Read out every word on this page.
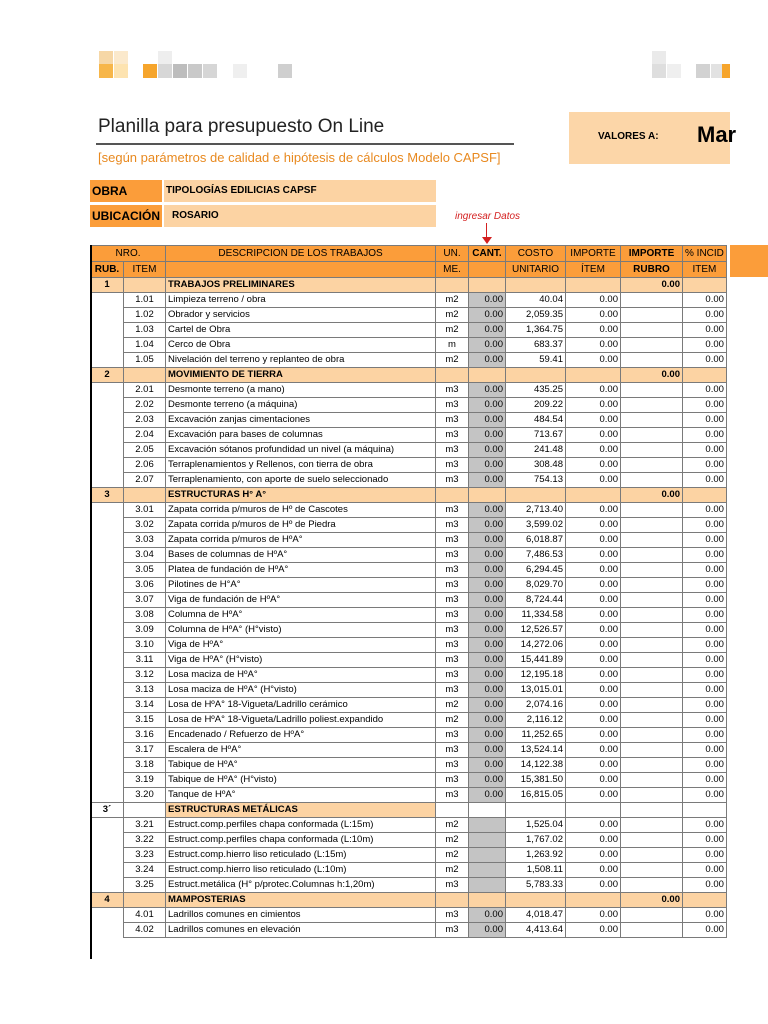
Planilla para presupuesto On Line
[según parámetros de calidad e hipótesis de cálculos Modelo CAPSF]
VALORES A: Mar
OBRA	TIPOLOGÍAS EDILICIAS CAPSF
UBICACIÓN	ROSARIO	ingresar Datos
NRO.		DESCRIPCION DE LOS TRABAJOS	UN.	CANT.	COSTO	IMPORTE	IMPORTE	% INCID
RUB.	ITEM		ME.		UNITARIO	ÍTEM	RUBRO	ITEM
1		TRABAJOS PRELIMINARES					0.00	
	1.01	Limpieza terreno / obra	m2	0.00	40.04	0.00		0.00
	1.02	Obrador y servicios	m2	0.00	2,059.35	0.00		0.00
	1.03	Cartel de Obra	m2	0.00	1,364.75	0.00		0.00
	1.04	Cerco de Obra	m	0.00	683.37	0.00		0.00
	1.05	Nivelación del terreno y replanteo de obra	m2	0.00	59.41	0.00		0.00
2		MOVIMIENTO DE TIERRA					0.00	
	2.01	Desmonte terreno (a mano)	m3	0.00	435.25	0.00		0.00
	2.02	Desmonte terreno (a máquina)	m3	0.00	209.22	0.00		0.00
	2.03	Excavación zanjas cimentaciones	m3	0.00	484.54	0.00		0.00
	2.04	Excavación para bases de columnas	m3	0.00	713.67	0.00		0.00
	2.05	Excavación sótanos profundidad un nivel (a máquina)	m3	0.00	241.48	0.00		0.00
	2.06	Terraplenamientos y Rellenos, con tierra de obra	m3	0.00	308.48	0.00		0.00
	2.07	Terraplenamiento, con aporte de suelo seleccionado	m3	0.00	754.13	0.00		0.00
3		ESTRUCTURAS H° A°					0.00	
	3.01	Zapata corrida p/muros de Hº de Cascotes	m3	0.00	2,713.40	0.00		0.00
	3.02	Zapata corrida p/muros de Hº de Piedra	m3	0.00	3,599.02	0.00		0.00
	3.03	Zapata corrida p/muros de HºA°	m3	0.00	6,018.87	0.00		0.00
	3.04	Bases de columnas de HºA°	m3	0.00	7,486.53	0.00		0.00
	3.05	Platea de fundación de HºA°	m3	0.00	6,294.45	0.00		0.00
	3.06	Pilotines de H°A°	m3	0.00	8,029.70	0.00		0.00
	3.07	Viga de fundación de HºA°	m3	0.00	8,724.44	0.00		0.00
	3.08	Columna de HºA°	m3	0.00	11,334.58	0.00		0.00
	3.09	Columna de HºA° (H°visto)	m3	0.00	12,526.57	0.00		0.00
	3.10	Viga de HºA°	m3	0.00	14,272.06	0.00		0.00
	3.11	Viga de HºA° (H°visto)	m3	0.00	15,441.89	0.00		0.00
	3.12	Losa maciza de HºA°	m3	0.00	12,195.18	0.00		0.00
	3.13	Losa maciza de HºA° (H°visto)	m3	0.00	13,015.01	0.00		0.00
	3.14	Losa de HºA° 18-Vigueta/Ladrillo cerámico	m2	0.00	2,074.16	0.00		0.00
	3.15	Losa de HºA° 18-Vigueta/Ladrillo poliest.expandido	m2	0.00	2,116.12	0.00		0.00
	3.16	Encadenado / Refuerzo de HºA°	m3	0.00	11,252.65	0.00		0.00
	3.17	Escalera de HºA°	m3	0.00	13,524.14	0.00		0.00
	3.18	Tabique de HºA°	m3	0.00	14,122.38	0.00		0.00
	3.19	Tabique de HºA° (H°visto)	m3	0.00	15,381.50	0.00		0.00
	3.20	Tanque de HºA°	m3	0.00	16,815.05	0.00		0.00
3´		ESTRUCTURAS METÁLICAS						
	3.21	Estruct.comp.perfiles chapa conformada (L:15m)	m2		1,525.04	0.00		0.00
	3.22	Estruct.comp.perfiles chapa conformada (L:10m)	m2		1,767.02	0.00		0.00
	3.23	Estruct.comp.hierro liso reticulado (L:15m)	m2		1,263.92	0.00		0.00
	3.24	Estruct.comp.hierro liso reticulado (L:10m)	m2		1,508.11	0.00		0.00
	3.25	Estruct.metálica (H° p/protec.Columnas h:1,20m)	m3		5,783.33	0.00		0.00
4		MAMPOSTERIAS					0.00	
	4.01	Ladrillos comunes en cimientos	m3	0.00	4,018.47	0.00		0.00
	4.02	Ladrillos comunes en elevación	m3	0.00	4,413.64	0.00		0.00
